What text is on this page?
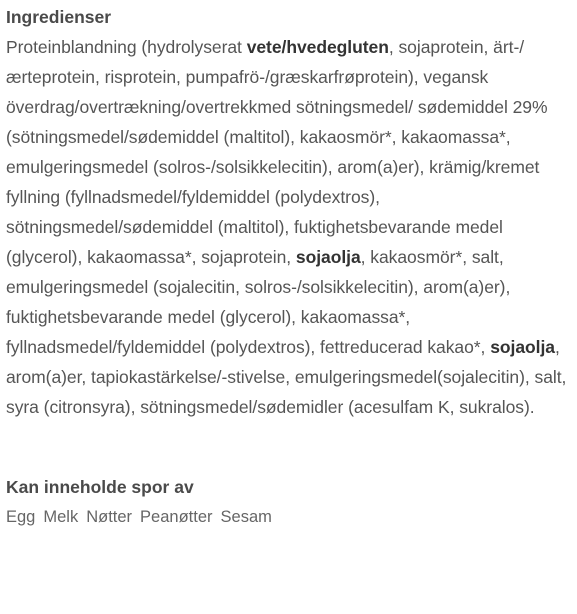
Ingredienser

Proteinblandning (hydrolyserat vete/hvedegluten, sojaprotein, ärt-/ærteprotein, risprotein, pumpafrö-/græskarfrøprotein), vegansk överdrag/overtrækning/overtrekkmed sötningsmedel/ sødemiddel 29% (sötningsmedel/sødemiddel (maltitol), kakaosmör*, kakaomassa*, emulgeringsmedel (solros-/solsikkelecitin), arom(a)er), krämig/kremet fyllning (fyllnadsmedel/fyldemiddel (polydextros), sötningsmedel/sødemiddel (maltitol), fuktighetsbevarande medel (glycerol), kakaomassa*, sojaprotein, sojaolja, kakaosmör*, salt, emulgeringsmedel (sojalecitin, solros-/solsikkelecitin), arom(a)er), fuktighetsbevarande medel (glycerol), kakaomassa*, fyllnadsmedel/fyldemiddel (polydextros), fettreducerad kakao*, sojaolja, arom(a)er, tapiokastärkelse/-stivelse, emulgeringsmedel(sojalecitin), salt, syra (citronsyra), sötningsmedel/sødemidler (acesulfam K, sukralos).

Kan inneholde spor av
Egg Melk Nøtter Peanøtter Sesam
